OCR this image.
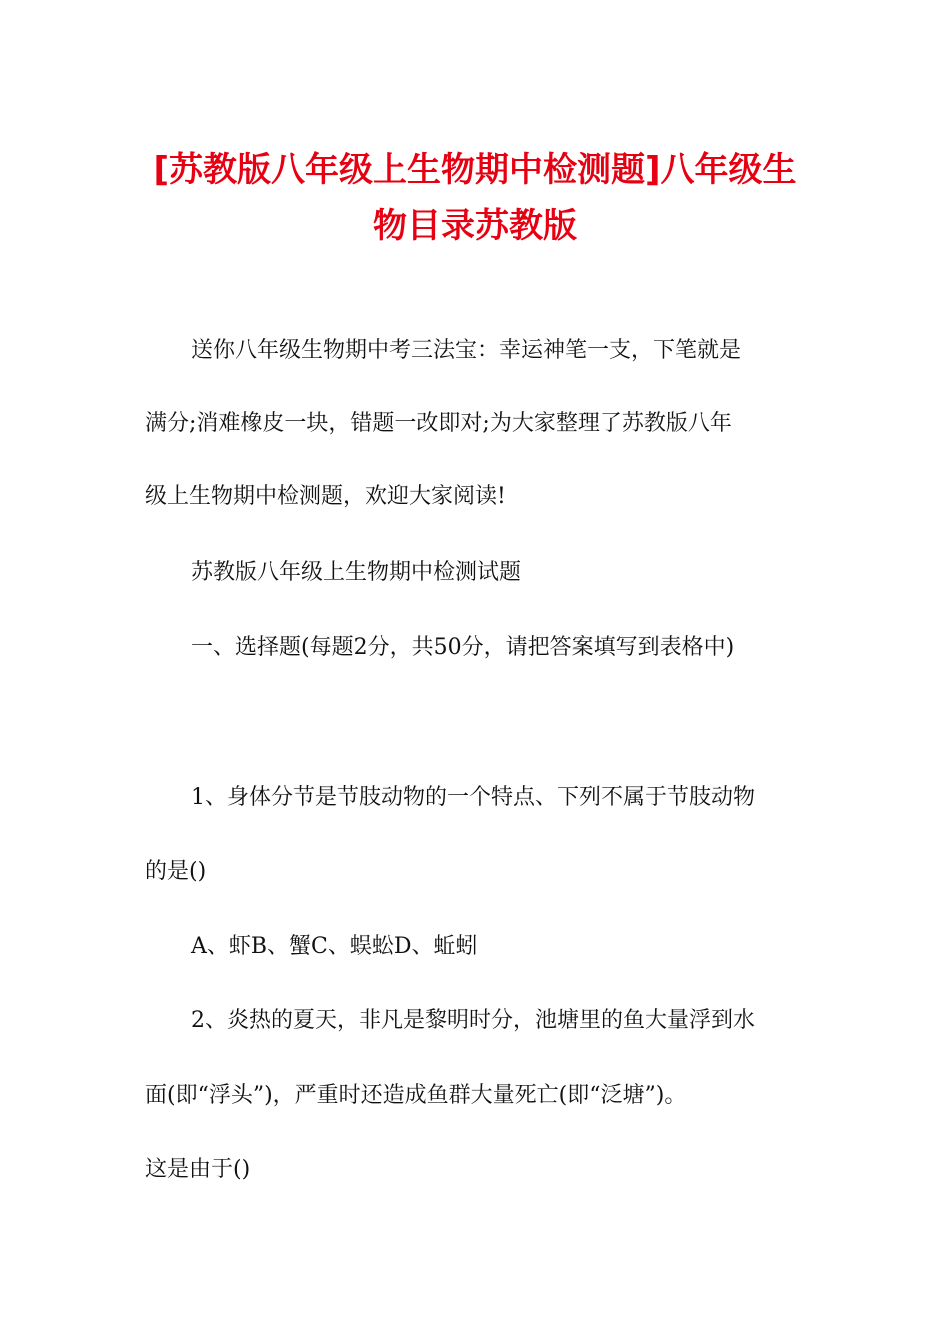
[苏教版八年级上生物期中检测题]八年级生
物目录苏教版

送你八年级生物期中考三法宝：幸运神笔一支，下笔就是

满分;消难橡皮一块，错题一改即对;为大家整理了苏教版八年

级上生物期中检测题，欢迎大家阅读!

苏教版八年级上生物期中检测试题

一、选择题(每题2分，共50分，请把答案填写到表格中)

1、身体分节是节肢动物的一个特点、下列不属于节肢动物

的是()

A、虾B、蟹C、蜈蚣D、蚯蚓

2、炎热的夏天，非凡是黎明时分，池塘里的鱼大量浮到水

面(即“浮头”)，严重时还造成鱼群大量死亡(即“泛塘”)。

这是由于()
